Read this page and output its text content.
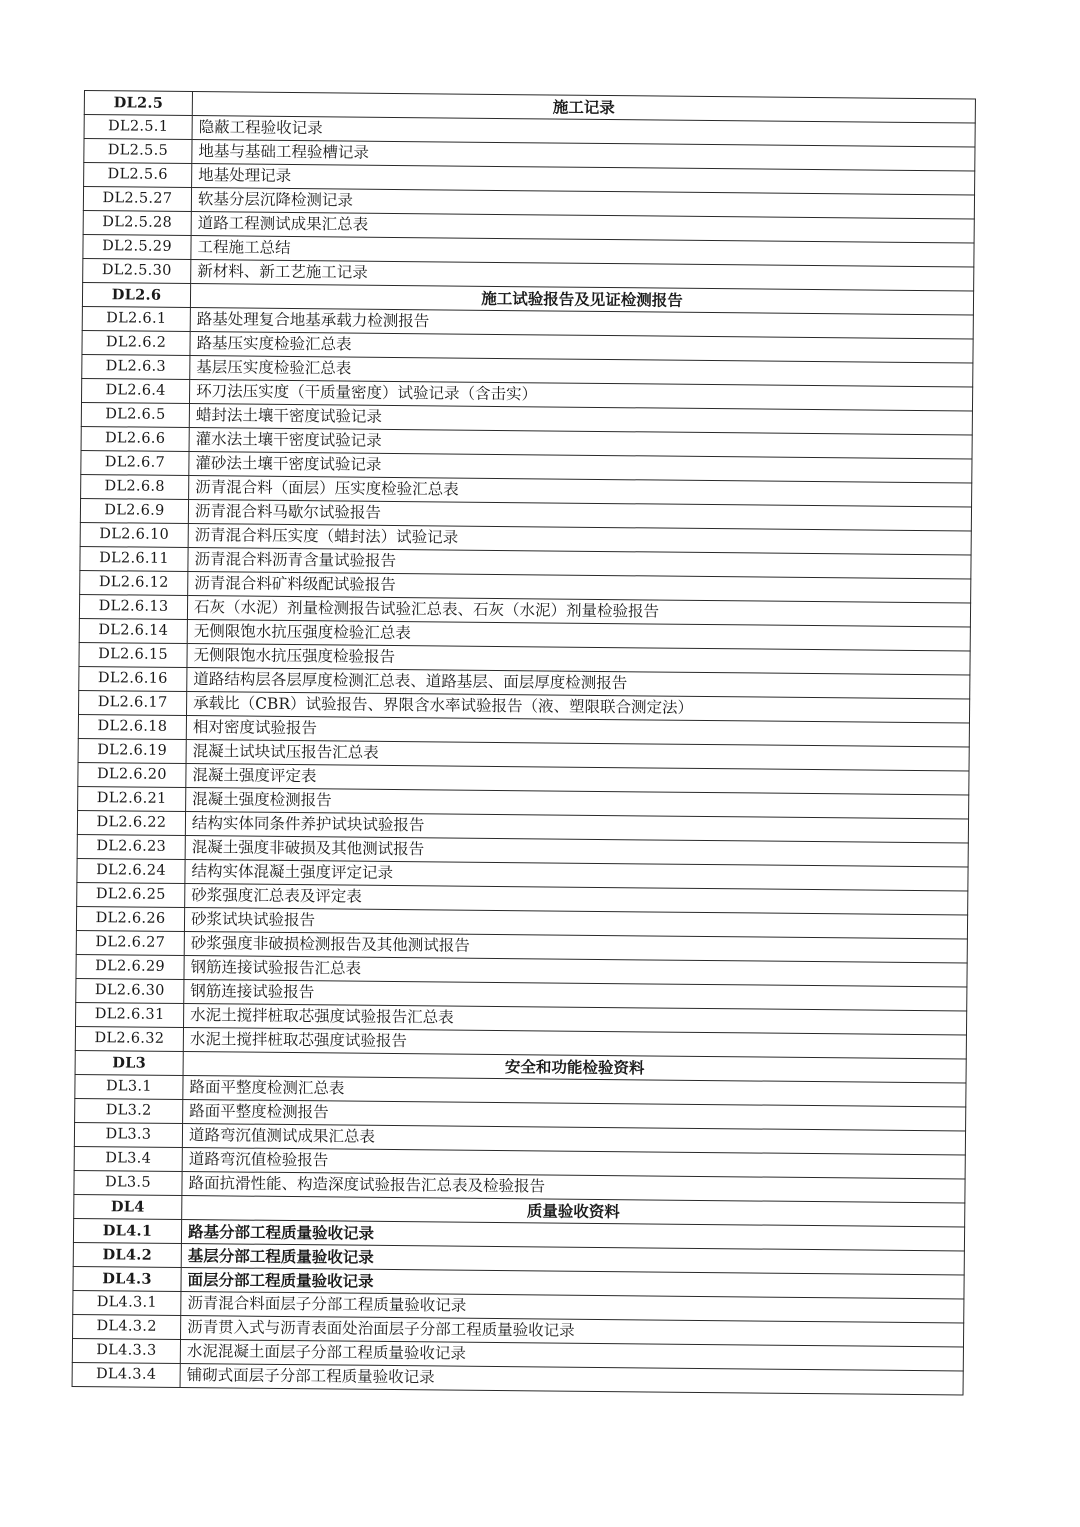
DL2.5	施工记录
DL2.5.1	隐蔽工程验收记录
DL2.5.5	地基与基础工程验槽记录
DL2.5.6	地基处理记录
DL2.5.27	软基分层沉降检测记录
DL2.5.28	道路工程测试成果汇总表
DL2.5.29	工程施工总结
DL2.5.30	新材料、新工艺施工记录
DL2.6	施工试验报告及见证检测报告
DL2.6.1	路基处理复合地基承载力检测报告
DL2.6.2	路基压实度检验汇总表
DL2.6.3	基层压实度检验汇总表
DL2.6.4	环刀法压实度（干质量密度）试验记录（含击实）
DL2.6.5	蜡封法土壤干密度试验记录
DL2.6.6	灌水法土壤干密度试验记录
DL2.6.7	灌砂法土壤干密度试验记录
DL2.6.8	沥青混合料（面层）压实度检验汇总表
DL2.6.9	沥青混合料马歇尔试验报告
DL2.6.10	沥青混合料压实度（蜡封法）试验记录
DL2.6.11	沥青混合料沥青含量试验报告
DL2.6.12	沥青混合料矿料级配试验报告
DL2.6.13	石灰（水泥）剂量检测报告试验汇总表、石灰（水泥）剂量检验报告
DL2.6.14	无侧限饱水抗压强度检验汇总表
DL2.6.15	无侧限饱水抗压强度检验报告
DL2.6.16	道路结构层各层厚度检测汇总表、道路基层、面层厚度检测报告
DL2.6.17	承载比（CBR）试验报告、界限含水率试验报告（液、塑限联合测定法）
DL2.6.18	相对密度试验报告
DL2.6.19	混凝土试块试压报告汇总表
DL2.6.20	混凝土强度评定表
DL2.6.21	混凝土强度检测报告
DL2.6.22	结构实体同条件养护试块试验报告
DL2.6.23	混凝土强度非破损及其他测试报告
DL2.6.24	结构实体混凝土强度评定记录
DL2.6.25	砂浆强度汇总表及评定表
DL2.6.26	砂浆试块试验报告
DL2.6.27	砂浆强度非破损检测报告及其他测试报告
DL2.6.29	钢筋连接试验报告汇总表
DL2.6.30	钢筋连接试验报告
DL2.6.31	水泥土搅拌桩取芯强度试验报告汇总表
DL2.6.32	水泥土搅拌桩取芯强度试验报告
DL3	安全和功能检验资料
DL3.1	路面平整度检测汇总表
DL3.2	路面平整度检测报告
DL3.3	道路弯沉值测试成果汇总表
DL3.4	道路弯沉值检验报告
DL3.5	路面抗滑性能、构造深度试验报告汇总表及检验报告
DL4	质量验收资料
DL4.1	路基分部工程质量验收记录
DL4.2	基层分部工程质量验收记录
DL4.3	面层分部工程质量验收记录
DL4.3.1	沥青混合料面层子分部工程质量验收记录
DL4.3.2	沥青贯入式与沥青表面处治面层子分部工程质量验收记录
DL4.3.3	水泥混凝土面层子分部工程质量验收记录
DL4.3.4	铺砌式面层子分部工程质量验收记录
